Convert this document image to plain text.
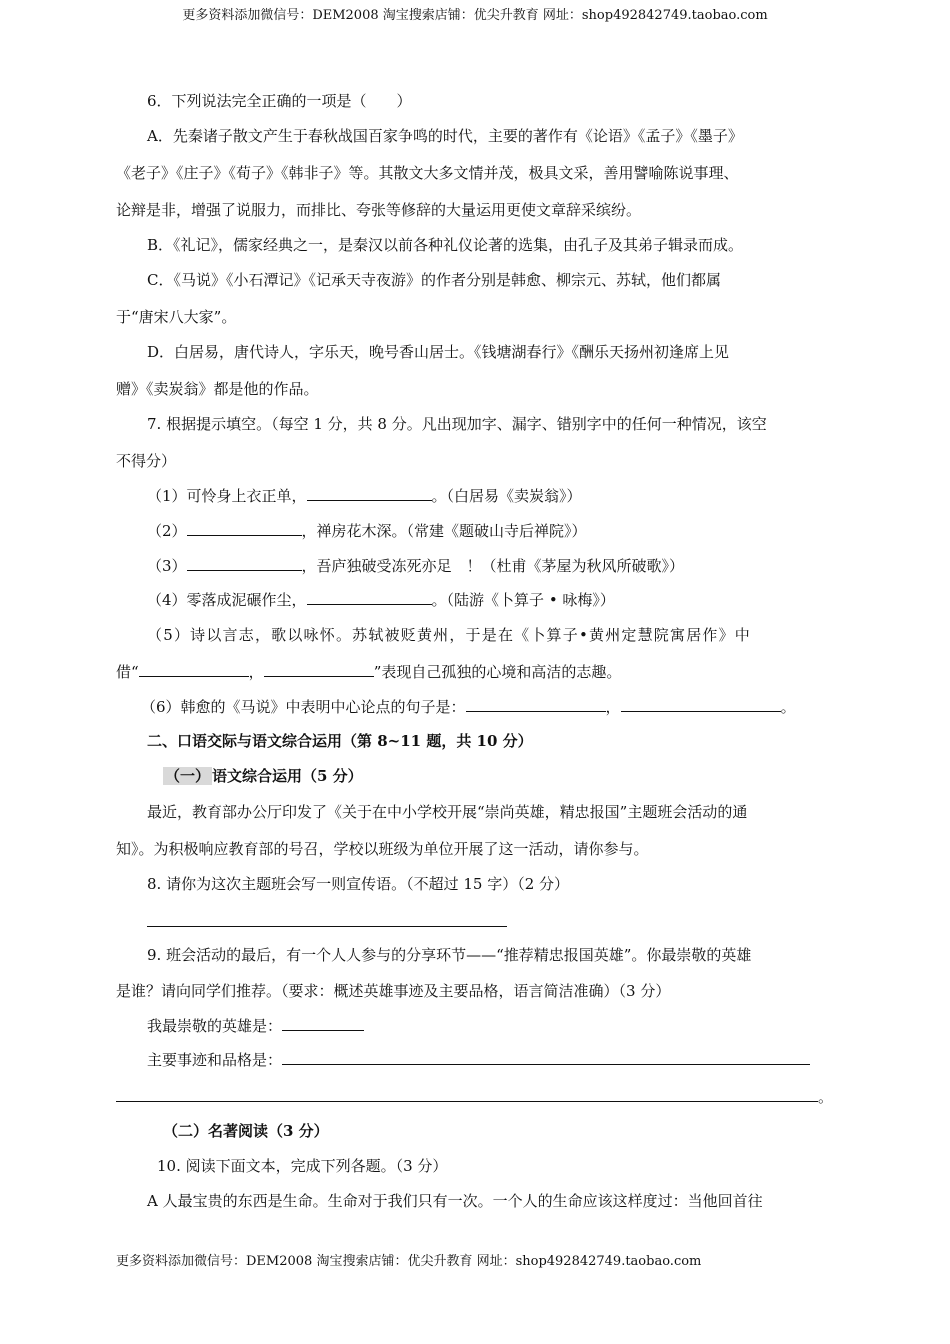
更多资料添加微信号：DEM2008 淘宝搜索店铺：优尖升教育 网址：shop492842749.taobao.com
6．下列说法完全正确的一项是（　　）
A．先秦诸子散文产生于春秋战国百家争鸣的时代，主要的著作有《论语》《孟子》《墨子》
《老子》《庄子》《荀子》《韩非子》等。其散文大多文情并茂，极具文采，善用譬喻陈说事理、
论辩是非，增强了说服力，而排比、夸张等修辞的大量运用更使文章辞采缤纷。
B．《礼记》，儒家经典之一，是秦汉以前各种礼仪论著的选集，由孔子及其弟子辑录而成。
C．《马说》《小石潭记》《记承天寺夜游》的作者分别是韩愈、柳宗元、苏轼，他们都属
于“唐宋八大家”。
D．白居易，唐代诗人，字乐天，晚号香山居士。《钱塘湖春行》《酬乐天扬州初逢席上见
赠》《卖炭翁》都是他的作品。
7. 根据提示填空。（每空 1 分，共 8 分。凡出现加字、漏字、错别字中的任何一种情况，该空
不得分）
（1）可怜身上衣正单，	。（白居易《卖炭翁》）
（2）	，禅房花木深。（常建《题破山寺后禅院》）
（3）	，吾庐独破受冻死亦足　！（杜甫《茅屋为秋风所破歌》）
（4）零落成泥碾作尘，	。（陆游《卜算子 • 咏梅》）
（5）诗以言志，歌以咏怀。苏轼被贬黄州，于是在《卜算子•黄州定慧院寓居作》中
借“	，	”表现自己孤独的心境和高洁的志趣。
（6）韩愈的《马说》中表明中心论点的句子是：	，	。
二、口语交际与语文综合运用（第 8~11 题，共 10 分）
（一） 语文综合运用（5 分）
最近，教育部办公厅印发了《关于在中小学校开展“崇尚英雄，精忠报国”主题班会活动的通
知》。为积极响应教育部的号召，学校以班级为单位开展了这一活动，请你参与。
8. 请你为这次主题班会写一则宣传语。（不超过 15 字）（2 分）
9. 班会活动的最后，有一个人人参与的分享环节——“推荐精忠报国英雄”。你最崇敬的英雄
是谁？请向同学们推荐。（要求：概述英雄事迹及主要品格，语言简洁准确）（3 分）
我最崇敬的英雄是：
主要事迹和品格是：
。
（二）名著阅读（3 分）
10. 阅读下面文本，完成下列各题。（3 分）
A 人最宝贵的东西是生命。生命对于我们只有一次。一个人的生命应该这样度过：当他回首往
更多资料添加微信号：DEM2008 淘宝搜索店铺：优尖升教育 网址：shop492842749.taobao.com
